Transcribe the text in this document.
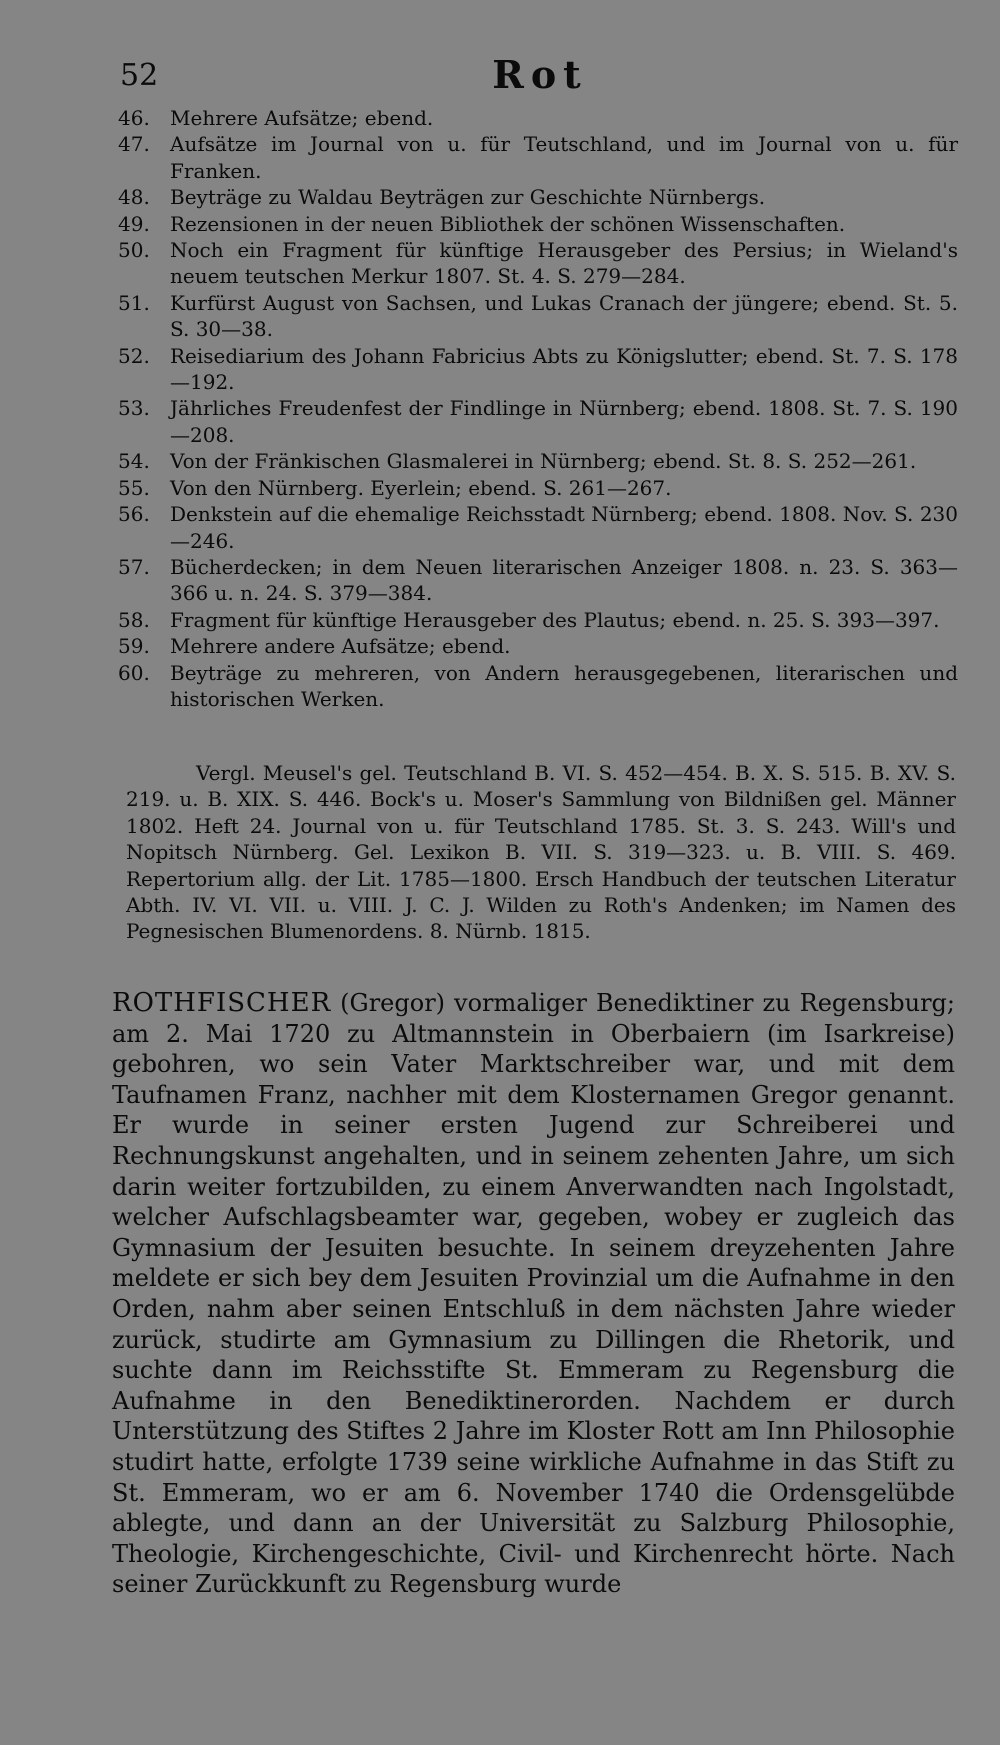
52	Rot
46. Mehrere Aufsätze; ebend.
47. Aufsätze im Journal von u. für Teutschland, und im Journal von u. für Franken.
48. Beyträge zu Waldau Beyträgen zur Geschichte Nürnbergs.
49. Rezensionen in der neuen Bibliothek der schönen Wissenschaften.
50. Noch ein Fragment für künftige Herausgeber des Persius; in Wieland's neuem teutschen Merkur 1807. St. 4. S. 279—284.
51. Kurfürst August von Sachsen, und Lukas Cranach der jüngere; ebend. St. 5. S. 30—38.
52. Reisediarium des Johann Fabricius Abts zu Königslutter; ebend. St. 7. S. 178—192.
53. Jährliches Freudenfest der Findlinge in Nürnberg; ebend. 1808. St. 7. S. 190—208.
54. Von der Fränkischen Glasmalerei in Nürnberg; ebend. St. 8. S. 252—261.
55. Von den Nürnberg. Eyerlein; ebend. S. 261—267.
56. Denkstein auf die ehemalige Reichsstadt Nürnberg; ebend. 1808. Nov. S. 230—246.
57. Bücherdecken; in dem Neuen literarischen Anzeiger 1808. n. 23. S. 363—366 u. n. 24. S. 379—384.
58. Fragment für künftige Herausgeber des Plautus; ebend. n. 25. S. 393—397.
59. Mehrere andere Aufsätze; ebend.
60. Beyträge zu mehreren, von Andern herausgegebenen, literarischen und historischen Werken.

Vergl. Meusel's gel. Teutschland B. VI. S. 452—454. B. X. S. 515. B. XV. S. 219. u. B. XIX. S. 446. Bock's u. Moser's Sammlung von Bildnißen gel. Männer 1802. Heft 24. Journal von u. für Teutschland 1785. St. 3. S. 243. Will's und Nopitsch Nürnberg. Gel. Lexikon B. VII. S. 319—323. u. B. VIII. S. 469. Repertorium allg. der Lit. 1785—1800. Ersch Handbuch der teutschen Literatur Abth. IV. VI. VII. u. VIII. J. C. J. Wilden zu Roth's Andenken; im Namen des Pegnesischen Blumenordens. 8. Nürnb. 1815.

ROTHFISCHER (Gregor) vormaliger Benediktiner zu Regensburg; am 2. Mai 1720 zu Altmannstein in Oberbaiern (im Isarkreise) gebohren, wo sein Vater Marktschreiber war, und mit dem Taufnamen Franz, nachher mit dem Klosternamen Gregor genannt. Er wurde in seiner ersten Jugend zur Schreiberei und Rechnungskunst angehalten, und in seinem zehenten Jahre, um sich darin weiter fortzubilden, zu einem Anverwandten nach Ingolstadt, welcher Aufschlagsbeamter war, gegeben, wobey er zugleich das Gymnasium der Jesuiten besuchte. In seinem dreyzehenten Jahre meldete er sich bey dem Jesuiten Provinzial um die Aufnahme in den Orden, nahm aber seinen Entschluß in dem nächsten Jahre wieder zurück, studirte am Gymnasium zu Dillingen die Rhetorik, und suchte dann im Reichsstifte St. Emmeram zu Regensburg die Aufnahme in den Benediktinerorden. Nachdem er durch Unterstützung des Stiftes 2 Jahre im Kloster Rott am Inn Philosophie studirt hatte, erfolgte 1739 seine wirkliche Aufnahme in das Stift zu St. Emmeram, wo er am 6. November 1740 die Ordensgelübde ablegte, und dann an der Universität zu Salzburg Philosophie, Theologie, Kirchengeschichte, Civil- und Kirchenrecht hörte. Nach seiner Zurückkunft zu Regensburg wurde
